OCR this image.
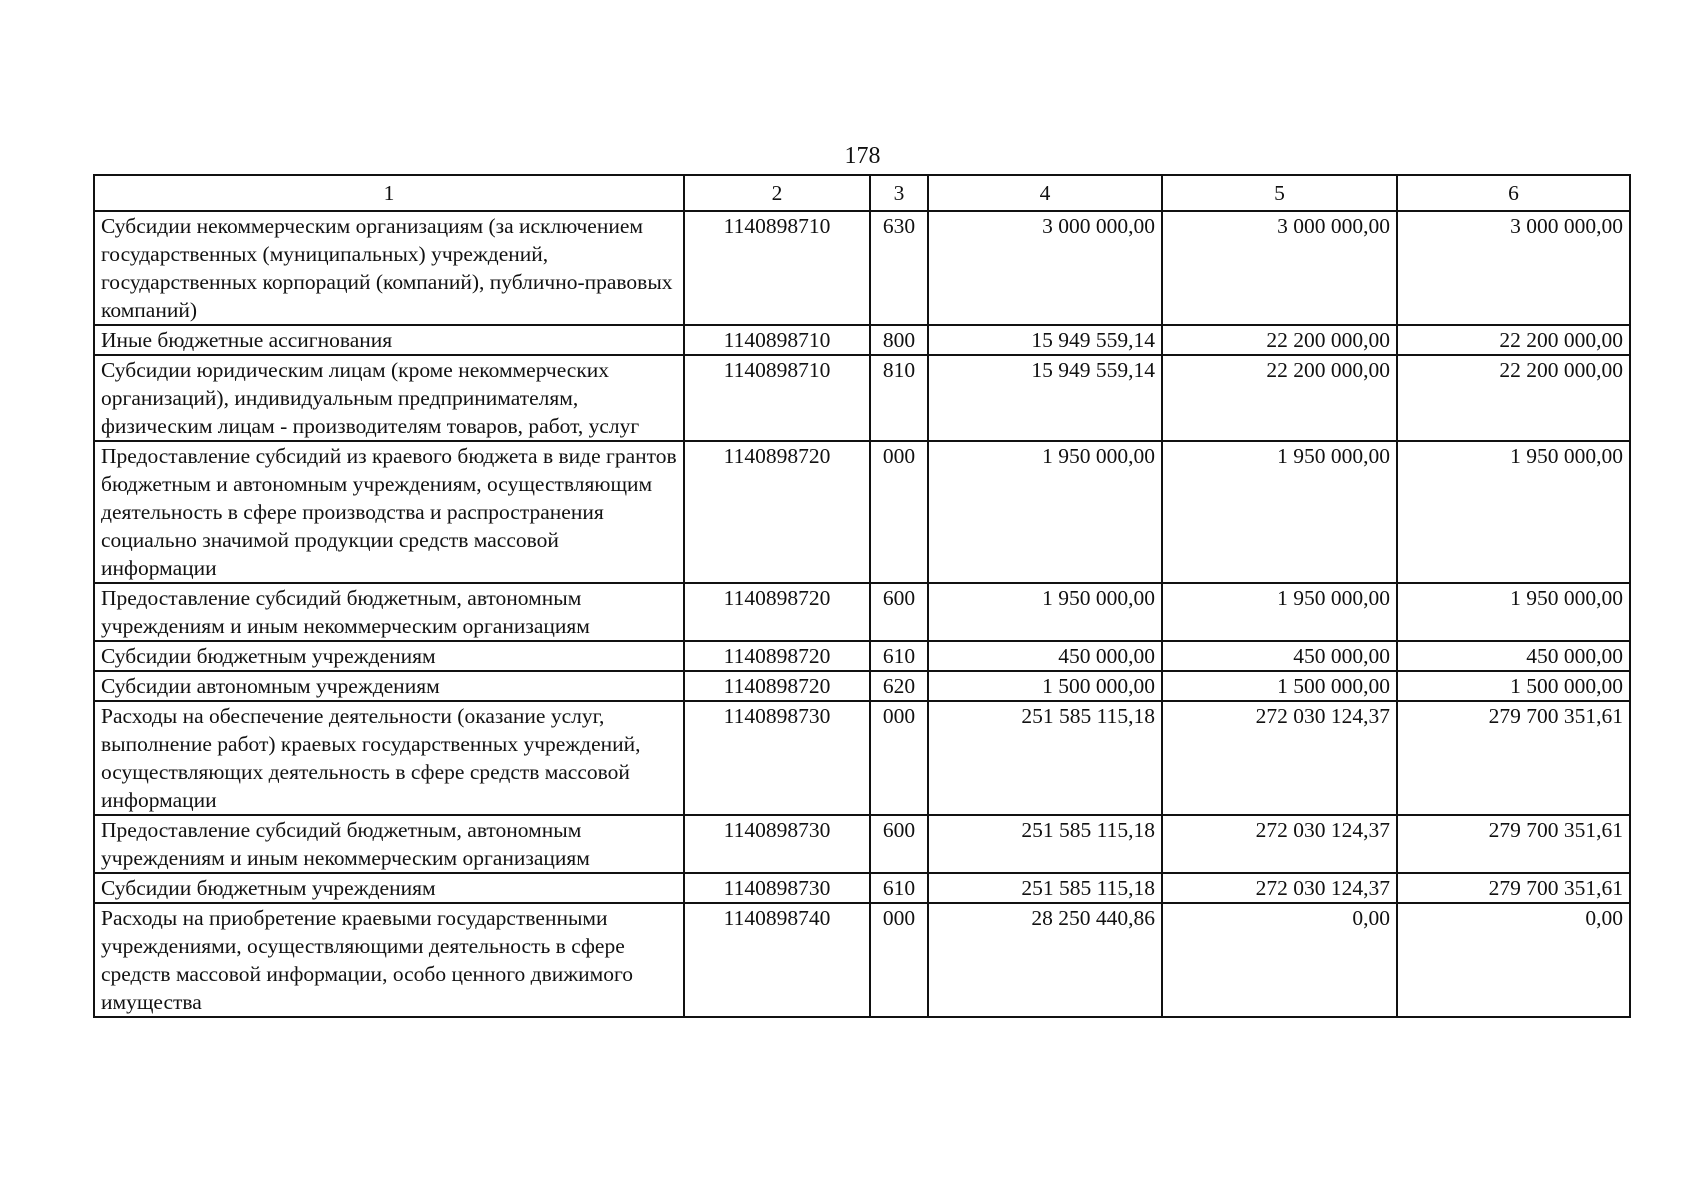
178
1	2	3	4	5	6
Субсидии некоммерческим организациям (за исключением государственных (муниципальных) учреждений, государственных корпораций (компаний), публично-правовых компаний)	1140898710	630	3 000 000,00	3 000 000,00	3 000 000,00
Иные бюджетные ассигнования	1140898710	800	15 949 559,14	22 200 000,00	22 200 000,00
Субсидии юридическим лицам (кроме некоммерческих организаций), индивидуальным предпринимателям, физическим лицам - производителям товаров, работ, услуг	1140898710	810	15 949 559,14	22 200 000,00	22 200 000,00
Предоставление субсидий из краевого бюджета в виде грантов бюджетным и автономным учреждениям, осуществляющим деятельность в сфере производства и распространения социально значимой продукции средств массовой информации	1140898720	000	1 950 000,00	1 950 000,00	1 950 000,00
Предоставление субсидий бюджетным, автономным учреждениям и иным некоммерческим организациям	1140898720	600	1 950 000,00	1 950 000,00	1 950 000,00
Субсидии бюджетным учреждениям	1140898720	610	450 000,00	450 000,00	450 000,00
Субсидии автономным учреждениям	1140898720	620	1 500 000,00	1 500 000,00	1 500 000,00
Расходы на обеспечение деятельности (оказание услуг, выполнение работ) краевых государственных учреждений, осуществляющих деятельность в сфере средств массовой информации	1140898730	000	251 585 115,18	272 030 124,37	279 700 351,61
Предоставление субсидий бюджетным, автономным учреждениям и иным некоммерческим организациям	1140898730	600	251 585 115,18	272 030 124,37	279 700 351,61
Субсидии бюджетным учреждениям	1140898730	610	251 585 115,18	272 030 124,37	279 700 351,61
Расходы на приобретение краевыми государственными учреждениями, осуществляющими деятельность в сфере средств массовой информации, особо ценного движимого имущества	1140898740	000	28 250 440,86	0,00	0,00
